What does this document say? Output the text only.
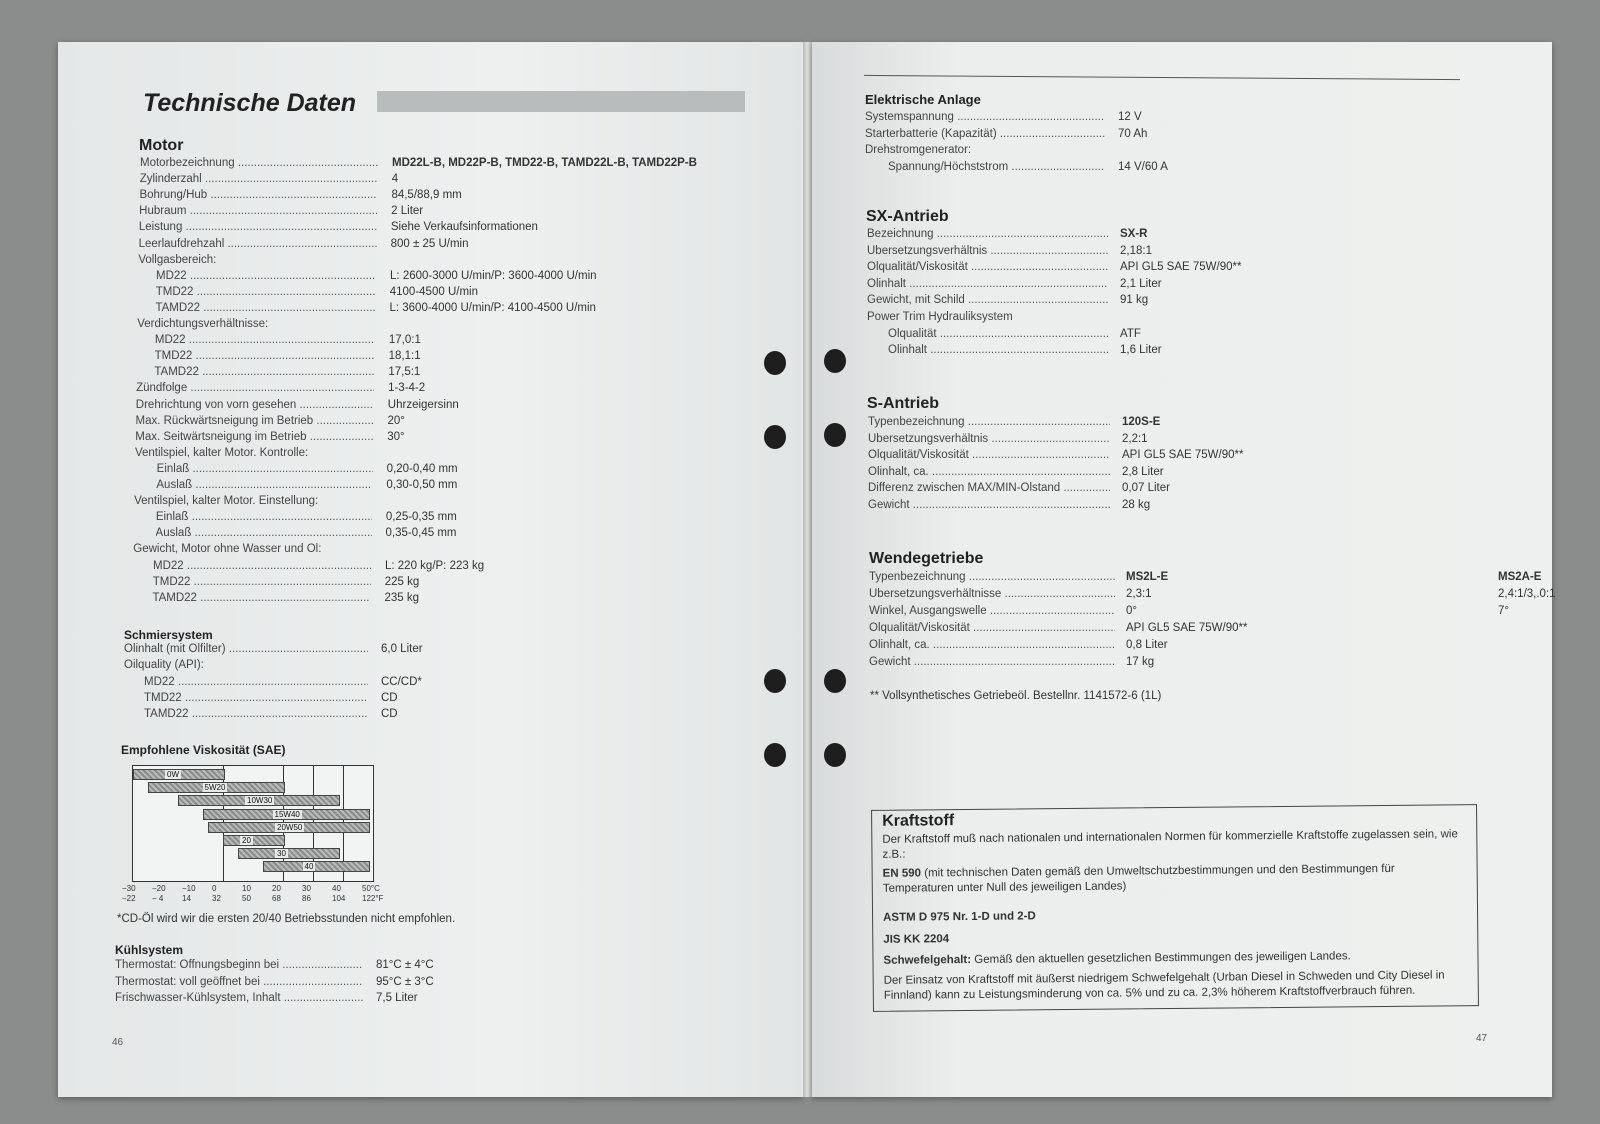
Technische Daten
Motor
Motorbezeichnung .....	MD22L-B, MD22P-B, TMD22-B, TAMD22L-B, TAMD22P-B
Zylinderzahl .....	4
Bohrung/Hub .....	84,5/88,9 mm
Hubraum .....	2 Liter
Leistung .....	Siehe Verkaufsinformationen
Leerlaufdrehzahl .....	800 ± 25 U/min
Vollgasbereich:
MD22 .....	L: 2600-3000 U/min/P: 3600-4000 U/min
TMD22 .....	4100-4500 U/min
TAMD22 .....	L: 3600-4000 U/min/P: 4100-4500 U/min
Verdichtungsverhältnisse:
MD22 .....	17,0:1
TMD22 .....	18,1:1
TAMD22 .....	17,5:1
Zündfolge .....	1-3-4-2
Drehrichtung von vorn gesehen .....	Uhrzeigersinn
Max. Rückwärtsneigung im Betrieb .....	20°
Max. Seitwärtsneigung im Betrieb .....	30°
Ventilspiel, kalter Motor. Kontrolle:
Einlaß .....	0,20-0,40 mm
Auslaß .....	0,30-0,50 mm
Ventilspiel, kalter Motor. Einstellung:
Einlaß .....	0,25-0,35 mm
Auslaß .....	0,35-0,45 mm
Gewicht, Motor ohne Wasser und Öl:
MD22 .....	L: 220 kg/P: 223 kg
TMD22 .....	225 kg
TAMD22 .....	235 kg
Schmiersystem
Ölinhalt (mit Ölfilter) .....	6,0 Liter
Oilquality (API):
MD22 .....	CC/CD*
TMD22 .....	CD
TAMD22 .....	CD
Empfohlene Viskosität (SAE)
0W
5W20
10W30
15W40
20W50
20
30
40
−30 −20 −10 0	10	20	30	40	50°C
−22 − 4 14	32	50	68	86	104 122°F
*CD-Öl wird wir die ersten 20/40 Betriebsstunden nicht empfohlen.
Kühlsystem
Thermostat: Öffnungsbeginn bei .....	81°C ± 4°C
Thermostat: voll geöffnet bei .....	95°C ± 3°C
Frischwasser-Kühlsystem, Inhalt .....	7,5 Liter
46
Elektrische Anlage
Systemspannung .....	12 V
Starterbatterie (Kapazität) .....	70 Ah
Drehstromgenerator:
Spannung/Höchststrom .....	14 V/60 A
SX-Antrieb
Bezeichnung .....	SX-R
Übersetzungsverhältnis .....	2,18:1
Ölqualität/Viskosität .....	API GL5 SAE 75W/90**
Ölinhalt .....	2,1 Liter
Gewicht, mit Schild .....	91 kg
Power Trim Hydrauliksystem
Ölqualität .....	ATF
Ölinhalt .....	1,6 Liter
S-Antrieb
Typenbezeichnung .....	120S-E
Übersetzungsverhältnis .....	2,2:1
Ölqualität/Viskosität .....	API GL5 SAE 75W/90**
Ölinhalt, ca. .....	2,8 Liter
Differenz zwischen MAX/MIN-Ölstand .....	0,07 Liter
Gewicht .....	28 kg
Wendegetriebe
Typenbezeichnung .....	MS2L-E	MS2A-E
Übersetzungsverhältnisse .....	2,3:1	2,4:1/3,.0:1
Winkel, Ausgangswelle .....	0°	7°
Ölqualität/Viskosität .....	API GL5 SAE 75W/90**
Ölinhalt, ca. .....	0,8 Liter
Gewicht .....	17 kg
** Vollsynthetisches Getriebeöl. Bestellnr. 1141572-6 (1L)
Kraftstoff

Der Kraftstoff muß nach nationalen und internationalen Normen für kommerzielle Kraftstoffe zugelassen sein, wie z.B.:

EN 590 (mit technischen Daten gemäß den Umweltschutzbestimmungen und den Bestimmungen für Temperaturen unter Null des jeweiligen Landes)

ASTM D 975 Nr. 1-D und 2-D

JIS KK 2204

Schwefelgehalt: Gemäß den aktuellen gesetzlichen Bestimmungen des jeweiligen Landes.

Der Einsatz von Kraftstoff mit äußerst niedrigem Schwefelgehalt (Urban Diesel in Schweden und City Diesel in Finnland) kann zu Leistungsminderung von ca. 5% und zu ca. 2,3% höherem Kraftstoffverbrauch führen.

47
